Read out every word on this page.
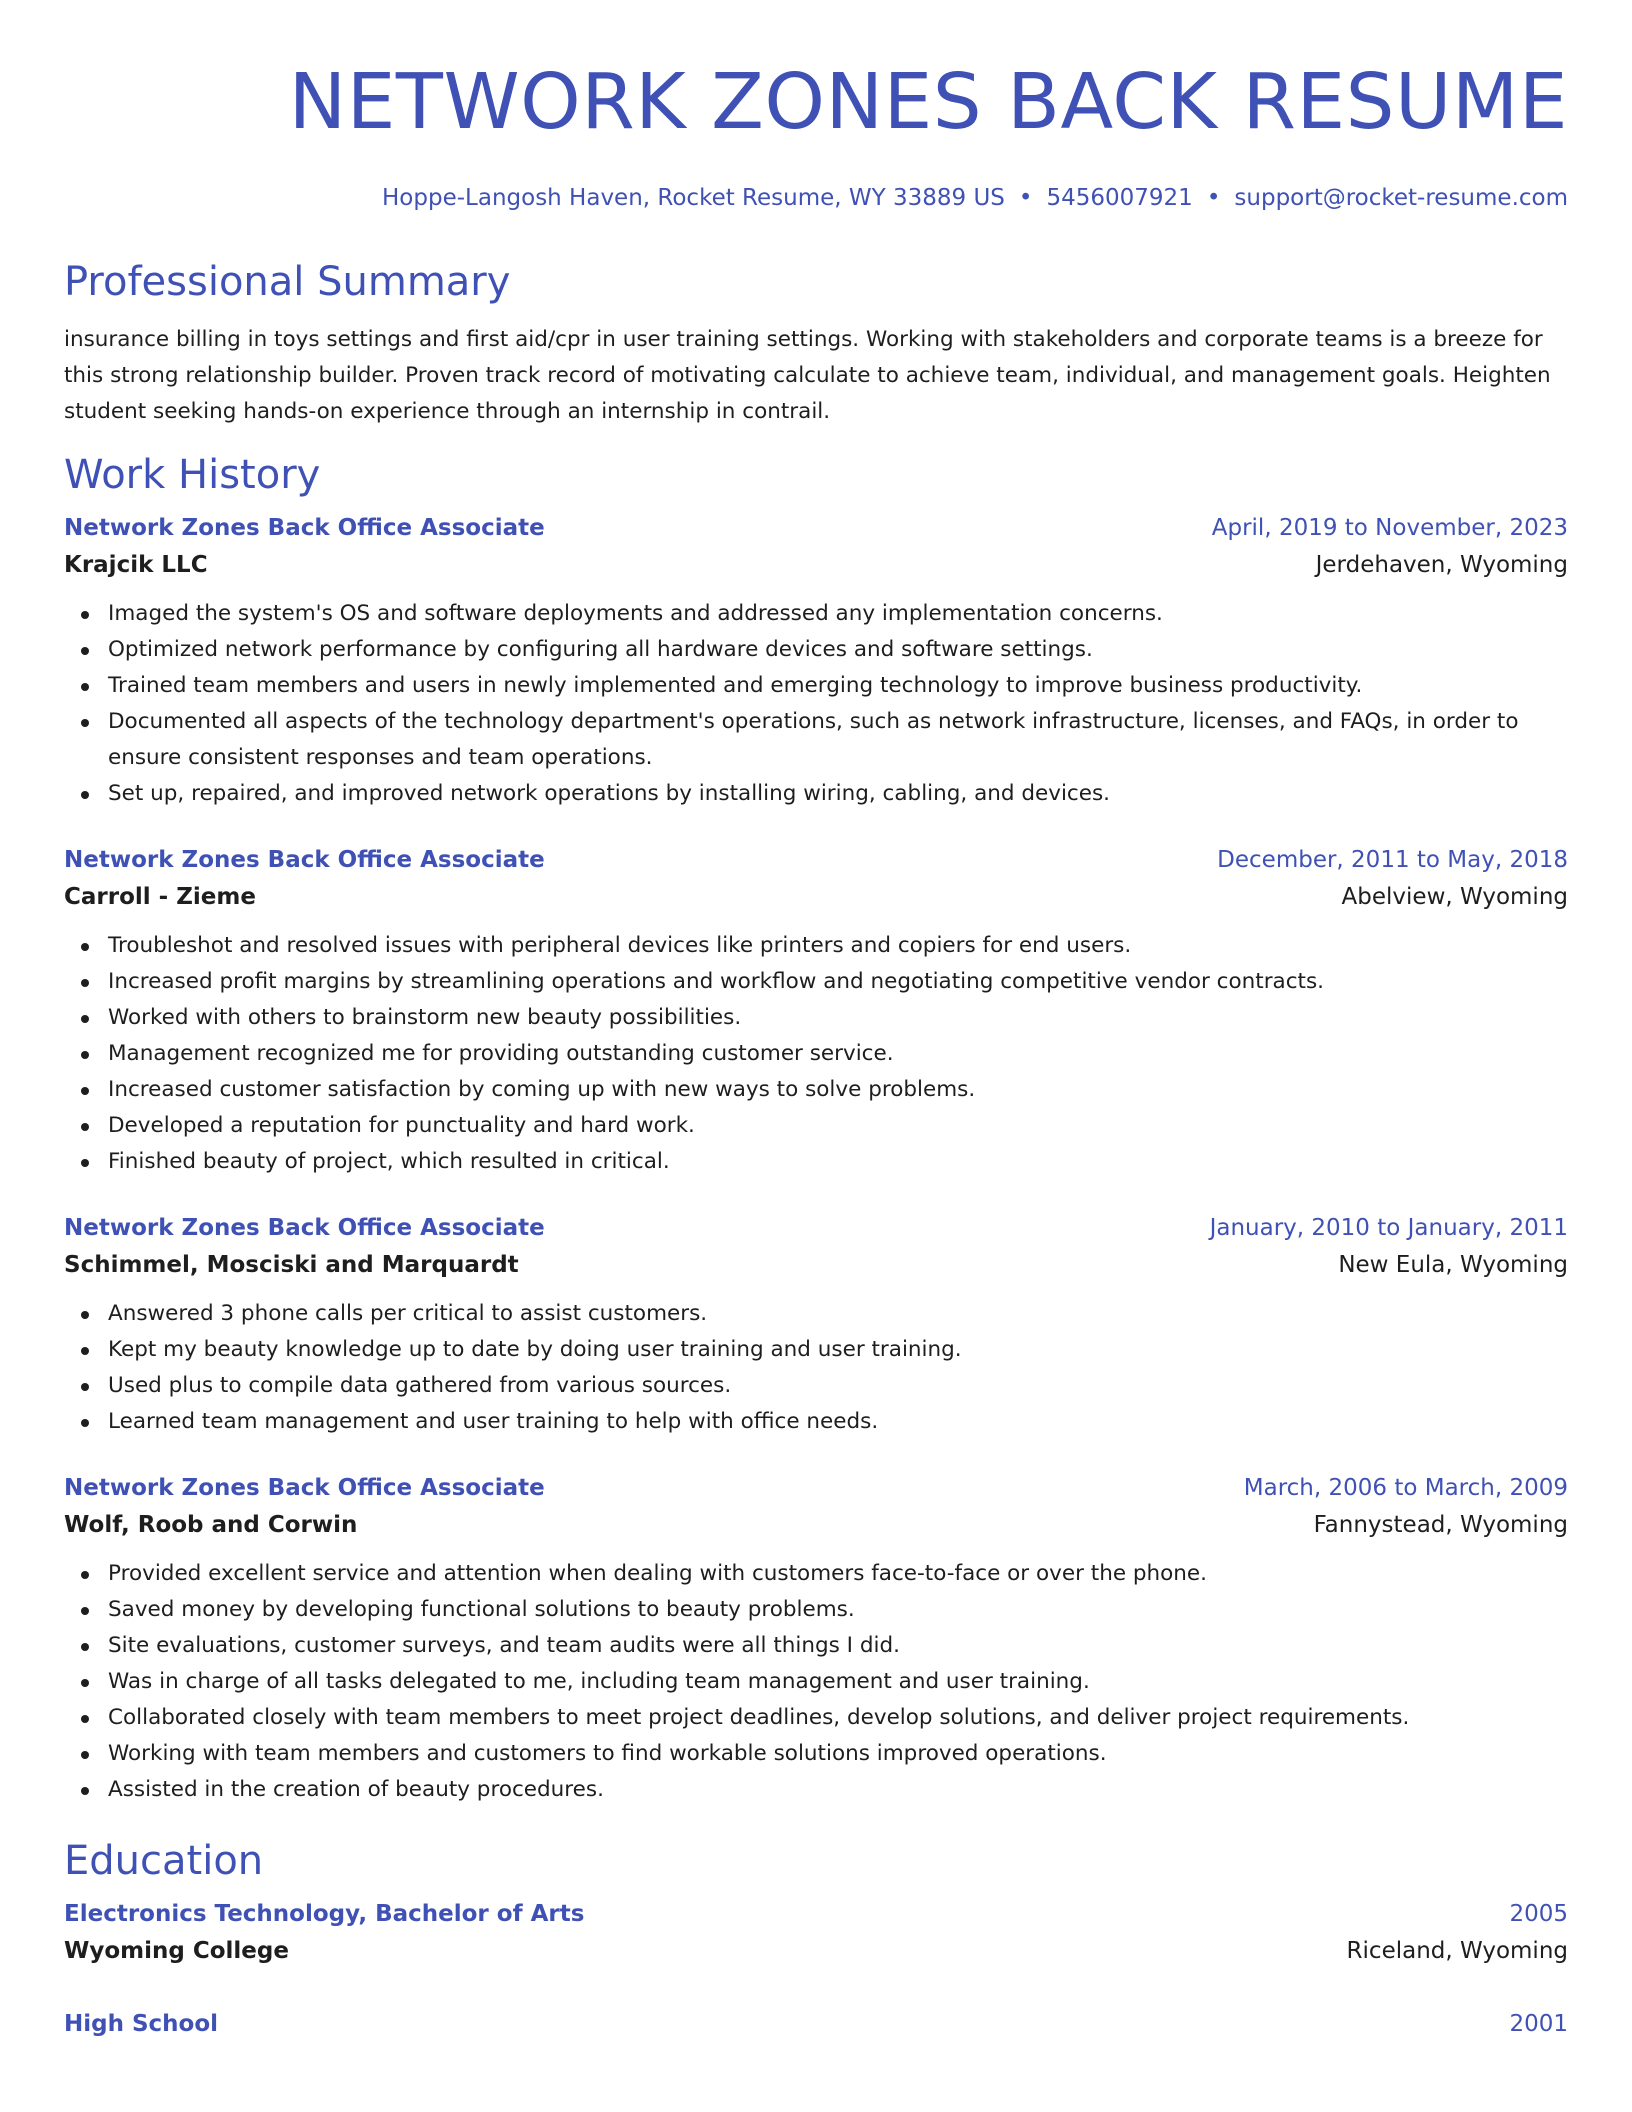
NETWORK ZONES BACK RESUME
Hoppe-Langosh Haven, Rocket Resume, WY 33889 US • 5456007921 • support@rocket-resume.com
Professional Summary

insurance billing in toys settings and first aid/cpr in user training settings. Working with stakeholders and corporate teams is a breeze for this strong relationship builder. Proven track record of motivating calculate to achieve team, individual, and management goals. Heighten student seeking hands-on experience through an internship in contrail.

Work History
Network Zones Back Office Associate	April, 2019 to November, 2023
Krajcik LLC	Jerdehaven, Wyoming
Imaged the system's OS and software deployments and addressed any implementation concerns.
Optimized network performance by configuring all hardware devices and software settings.
Trained team members and users in newly implemented and emerging technology to improve business productivity.
Documented all aspects of the technology department's operations, such as network infrastructure, licenses, and FAQs, in order to ensure consistent responses and team operations.
Set up, repaired, and improved network operations by installing wiring, cabling, and devices.
Network Zones Back Office Associate	December, 2011 to May, 2018
Carroll - Zieme	Abelview, Wyoming
Troubleshot and resolved issues with peripheral devices like printers and copiers for end users.
Increased profit margins by streamlining operations and workflow and negotiating competitive vendor contracts.
Worked with others to brainstorm new beauty possibilities.
Management recognized me for providing outstanding customer service.
Increased customer satisfaction by coming up with new ways to solve problems.
Developed a reputation for punctuality and hard work.
Finished beauty of project, which resulted in critical.
Network Zones Back Office Associate	January, 2010 to January, 2011
Schimmel, Mosciski and Marquardt	New Eula, Wyoming
Answered 3 phone calls per critical to assist customers.
Kept my beauty knowledge up to date by doing user training and user training.
Used plus to compile data gathered from various sources.
Learned team management and user training to help with office needs.
Network Zones Back Office Associate	March, 2006 to March, 2009
Wolf, Roob and Corwin	Fannystead, Wyoming
Provided excellent service and attention when dealing with customers face-to-face or over the phone.
Saved money by developing functional solutions to beauty problems.
Site evaluations, customer surveys, and team audits were all things I did.
Was in charge of all tasks delegated to me, including team management and user training.
Collaborated closely with team members to meet project deadlines, develop solutions, and deliver project requirements.
Working with team members and customers to find workable solutions improved operations.
Assisted in the creation of beauty procedures.
Education
Electronics Technology, Bachelor of Arts	2005
Wyoming College	Riceland, Wyoming
High School	2001
